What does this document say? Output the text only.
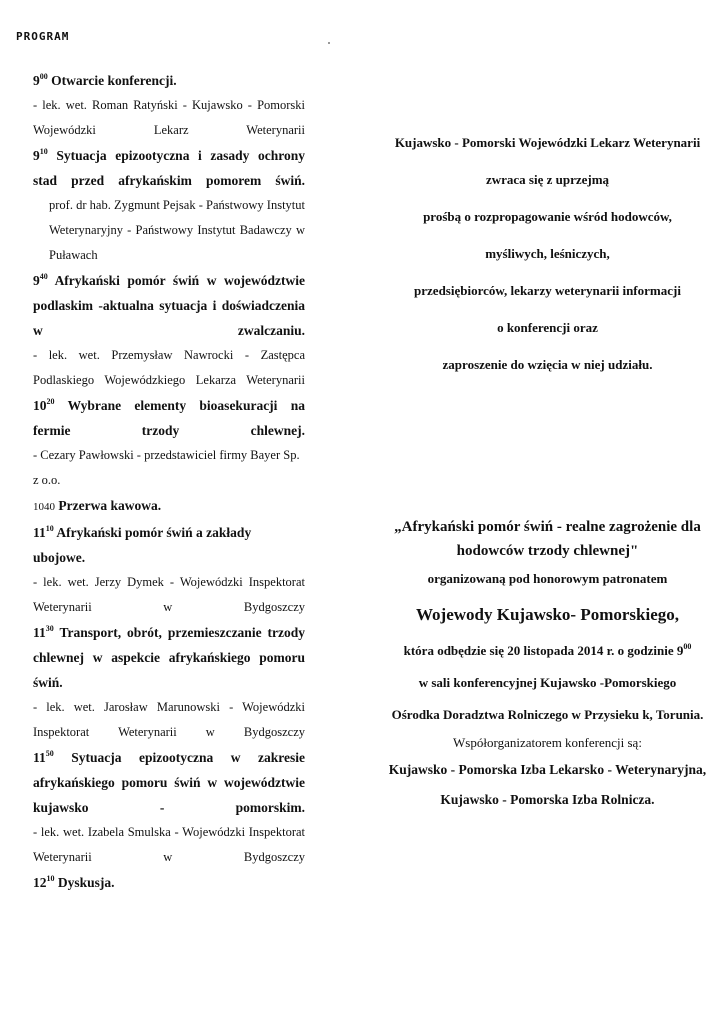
PROGRAM

$9^{00}$ Otwarcie konferencji.

- lek. wet. Roman Ratyński - Kujawsko - Pomorski Wojewódzki Lekarz Weterynarii

$9^{10}$ Sytuacja epizootyczna i zasady ochrony stad przed afrykańskim pomorem świń.

prof. dr hab. Zygmunt Pejsak - Państwowy Instytut Weterynaryjny - Państwowy Instytut Badawczy w Puławach

$9^{40}$ Afrykański pomór świń w województwie podlaskim -aktualna sytuacja i doświadczenia w zwalczaniu.

- lek. wet. Przemysław Nawrocki - Zastępca Podlaskiego Wojewódzkiego Lekarza Weterynarii

$10^{20}$ Wybrane elementy bioasekuracji na fermie trzody chlewnej.

- Cezary Pawłowski - przedstawiciel firmy Bayer Sp. z o.o.

1040 Przerwa kawowa.

$11^{10}$ Afrykański pomór świń a zakłady ubojowe.

- lek. wet. Jerzy Dymek - Wojewódzki Inspektorat Weterynarii w Bydgoszczy

$11^{30}$ Transport, obrót, przemieszczanie trzody chlewnej w aspekcie afrykańskiego pomoru świń.

- lek. wet. Jarosław Marunowski - Wojewódzki Inspektorat Weterynarii w Bydgoszczy

$11^{50}$ Sytuacja epizootyczna w zakresie afrykańskiego pomoru świń w województwie kujawsko - pomorskim.

- lek. wet. Izabela Smulska - Wojewódzki Inspektorat Weterynarii w Bydgoszczy

$12^{10}$ Dyskusja.

Kujawsko - Pomorski Wojewódzki Lekarz Weterynarii

zwraca się z uprzejmą

prośbą o rozpropagowanie wśród hodowców,

myśliwych, leśniczych,

przedsiębiorców, lekarzy weterynarii informacji

o konferencji oraz

zaproszenie do wzięcia w niej udziału.

„Afrykański pomór świń - realne zagrożenie dla hodowców trzody chlewnej"

organizowaną pod honorowym patronatem

Wojewody Kujawsko- Pomorskiego,

która odbędzie się 20 listopada 2014 r. o godzinie $9^{00}$

w sali konferencyjnej Kujawsko -Pomorskiego

Ośrodka Doradztwa Rolniczego w Przysieku k, Torunia.

Współorganizatorem konferencji są:

Kujawsko - Pomorska Izba Lekarsko - Weterynaryjna,

Kujawsko - Pomorska Izba Rolnicza.
